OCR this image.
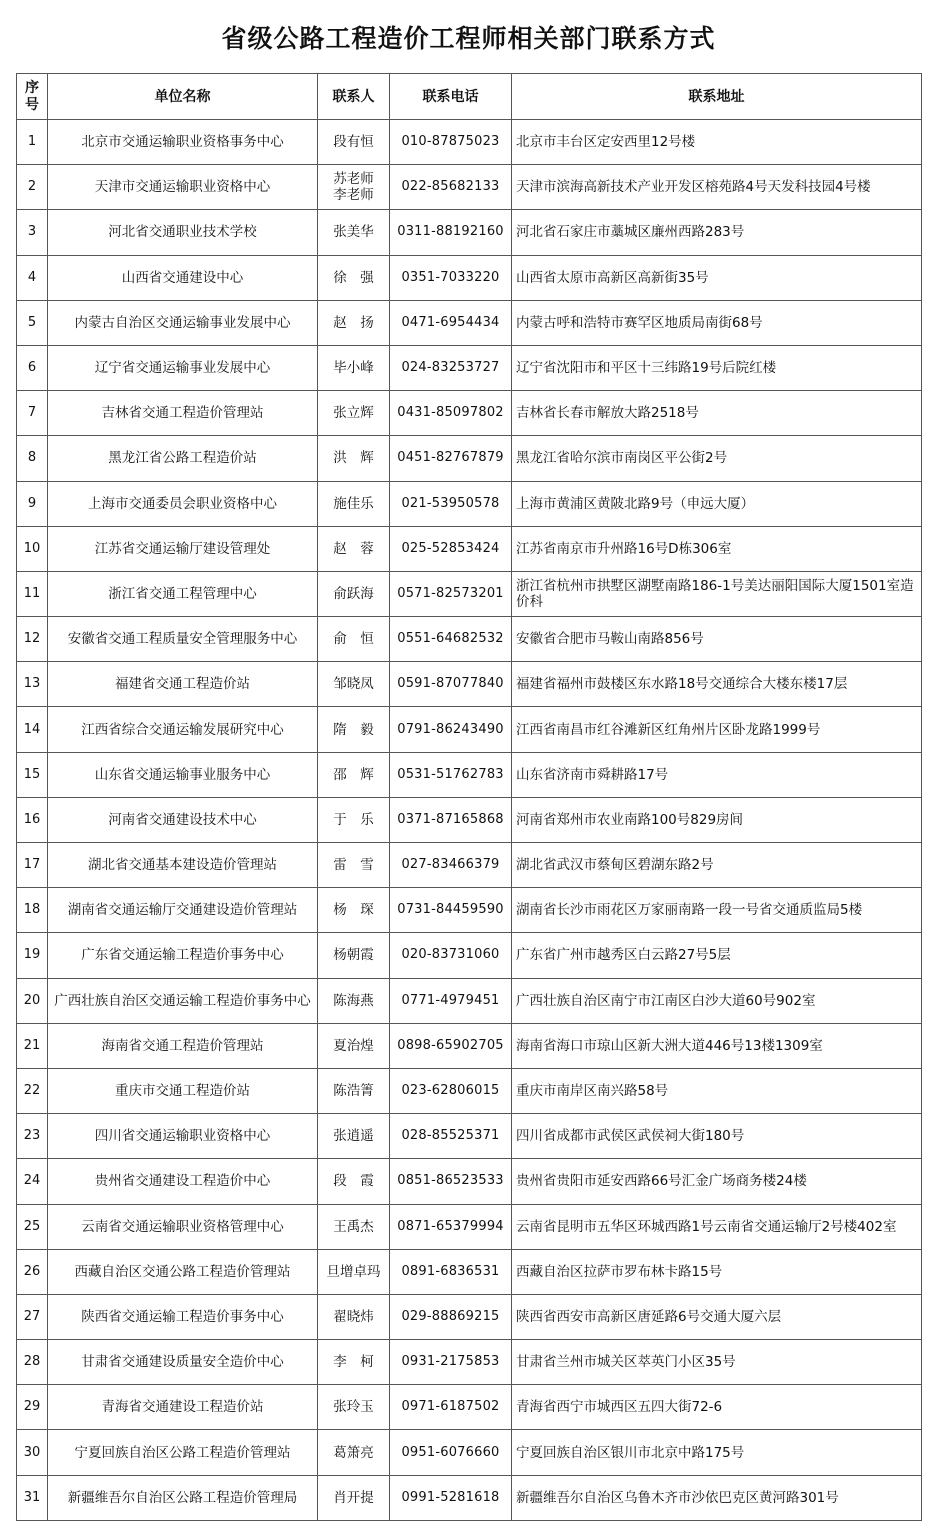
省级公路工程造价工程师相关部门联系方式
序
号	单位名称	联系人	联系电话	联系地址
1	北京市交通运输职业资格事务中心	段有恒	010-87875023	北京市丰台区定安西里12号楼
2	天津市交通运输职业资格中心	苏老师
李老师	022-85682133	天津市滨海高新技术产业开发区榕苑路4号天发科技园4号楼
3	河北省交通职业技术学校	张美华	0311-88192160	河北省石家庄市藁城区廉州西路283号
4	山西省交通建设中心	徐　强	0351-7033220	山西省太原市高新区高新街35号
5	内蒙古自治区交通运输事业发展中心	赵　扬	0471-6954434	内蒙古呼和浩特市赛罕区地质局南街68号
6	辽宁省交通运输事业发展中心	毕小峰	024-83253727	辽宁省沈阳市和平区十三纬路19号后院红楼
7	吉林省交通工程造价管理站	张立辉	0431-85097802	吉林省长春市解放大路2518号
8	黑龙江省公路工程造价站	洪　辉	0451-82767879	黑龙江省哈尔滨市南岗区平公街2号
9	上海市交通委员会职业资格中心	施佳乐	021-53950578	上海市黄浦区黄陂北路9号（申远大厦）
10	江苏省交通运输厅建设管理处	赵　蓉	025-52853424	江苏省南京市升州路16号D栋306室
11	浙江省交通工程管理中心	俞跃海	0571-82573201	浙江省杭州市拱墅区湖墅南路186-1号美达丽阳国际大厦1501室造价科
12	安徽省交通工程质量安全管理服务中心	俞　恒	0551-64682532	安徽省合肥市马鞍山南路856号
13	福建省交通工程造价站	邹晓凤	0591-87077840	福建省福州市鼓楼区东水路18号交通综合大楼东楼17层
14	江西省综合交通运输发展研究中心	隋　毅	0791-86243490	江西省南昌市红谷滩新区红角州片区卧龙路1999号
15	山东省交通运输事业服务中心	邵　辉	0531-51762783	山东省济南市舜耕路17号
16	河南省交通建设技术中心	于　乐	0371-87165868	河南省郑州市农业南路100号829房间
17	湖北省交通基本建设造价管理站	雷　雪	027-83466379	湖北省武汉市蔡甸区碧湖东路2号
18	湖南省交通运输厅交通建设造价管理站	杨　琛	0731-84459590	湖南省长沙市雨花区万家丽南路一段一号省交通质监局5楼
19	广东省交通运输工程造价事务中心	杨朝霞	020-83731060	广东省广州市越秀区白云路27号5层
20	广西壮族自治区交通运输工程造价事务中心	陈海燕	0771-4979451	广西壮族自治区南宁市江南区白沙大道60号902室
21	海南省交通工程造价管理站	夏治煌	0898-65902705	海南省海口市琼山区新大洲大道446号13楼1309室
22	重庆市交通工程造价站	陈浩箐	023-62806015	重庆市南岸区南兴路58号
23	四川省交通运输职业资格中心	张逍遥	028-85525371	四川省成都市武侯区武侯祠大街180号
24	贵州省交通建设工程造价中心	段　霞	0851-86523533	贵州省贵阳市延安西路66号汇金广场商务楼24楼
25	云南省交通运输职业资格管理中心	王禹杰	0871-65379994	云南省昆明市五华区环城西路1号云南省交通运输厅2号楼402室
26	西藏自治区交通公路工程造价管理站	旦增卓玛	0891-6836531	西藏自治区拉萨市罗布林卡路15号
27	陕西省交通运输工程造价事务中心	翟晓炜	029-88869215	陕西省西安市高新区唐延路6号交通大厦六层
28	甘肃省交通建设质量安全造价中心	李　柯	0931-2175853	甘肃省兰州市城关区萃英门小区35号
29	青海省交通建设工程造价站	张玲玉	0971-6187502	青海省西宁市城西区五四大街72-6
30	宁夏回族自治区公路工程造价管理站	葛箫亮	0951-6076660	宁夏回族自治区银川市北京中路175号
31	新疆维吾尔自治区公路工程造价管理局	肖开提	0991-5281618	新疆维吾尔自治区乌鲁木齐市沙依巴克区黄河路301号
